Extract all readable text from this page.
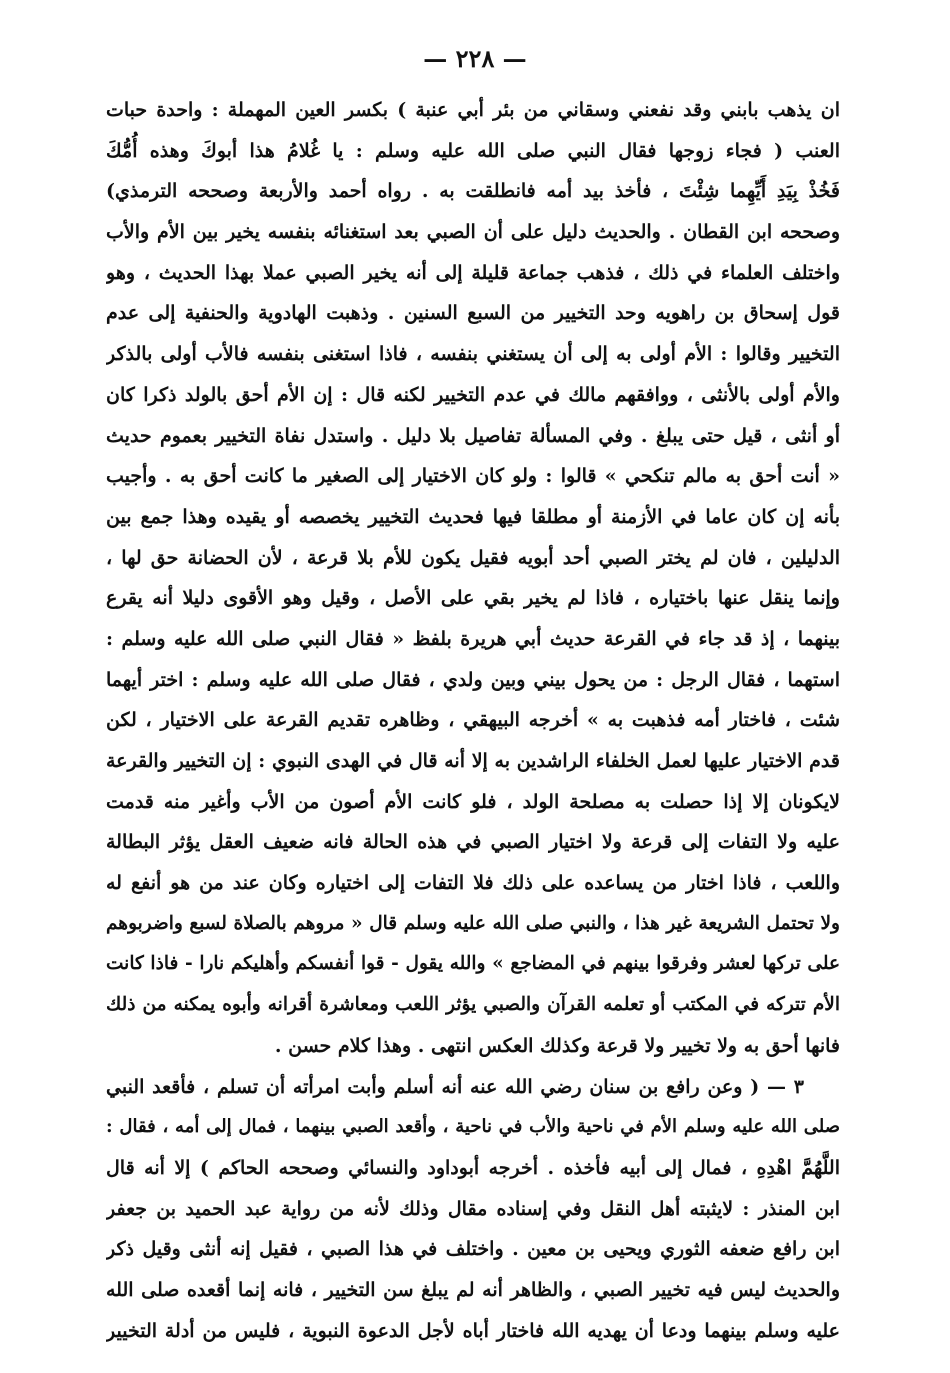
— ٢٢٨ —
ان يذهب بابني وقد نفعني وسقاني من بئر أبي عنبة ) بكسر العين المهملة : واحدة حبات
العنب ( فجاء زوجها فقال النبي صلى الله عليه وسلم : يا غُلامُ هذا أبوكَ وهذه أُمُّكَ
فَخُذْ بِيَدِ أَيِّهِما شِئْتَ ، فأخذ بيد أمه فانطلقت به . رواه أحمد والأربعة وصححه الترمذي)
وصححه ابن القطان . والحديث دليل على أن الصبي بعد استغنائه بنفسه يخير بين الأم والأب
واختلف العلماء في ذلك ، فذهب جماعة قليلة إلى أنه يخير الصبي عملا بهذا الحديث ، وهو
قول إسحاق بن راهويه وحد التخيير من السبع السنين . وذهبت الهادوية والحنفية إلى عدم
التخيير وقالوا : الأم أولى به إلى أن يستغني بنفسه ، فاذا استغنى بنفسه فالأب أولى بالذكر
والأم أولى بالأنثى ، ووافقهم مالك في عدم التخيير لكنه قال : إن الأم أحق بالولد ذكرا كان
أو أنثى ، قيل حتى يبلغ . وفي المسألة تفاصيل بلا دليل . واستدل نفاة التخيير بعموم حديث
« أنت أحق به مالم تنكحي » قالوا : ولو كان الاختيار إلى الصغير ما كانت أحق به . وأجيب
بأنه إن كان عاما في الأزمنة أو مطلقا فيها فحديث التخيير يخصصه أو يقيده وهذا جمع بين
الدليلين ، فان لم يختر الصبي أحد أبويه فقيل يكون للأم بلا قرعة ، لأن الحضانة حق لها ،
وإنما ينقل عنها باختياره ، فاذا لم يخير بقي على الأصل ، وقيل وهو الأقوى دليلا أنه يقرع
بينهما ، إذ قد جاء في القرعة حديث أبي هريرة بلفظ « فقال النبي صلى الله عليه وسلم :
استهما ، فقال الرجل : من يحول بيني وبين ولدي ، فقال صلى الله عليه وسلم : اختر أيهما
شئت ، فاختار أمه فذهبت به » أخرجه البيهقي ، وظاهره تقديم القرعة على الاختيار ، لكن
قدم الاختيار عليها لعمل الخلفاء الراشدين به إلا أنه قال في الهدى النبوي : إن التخيير والقرعة
لايكونان إلا إذا حصلت به مصلحة الولد ، فلو كانت الأم أصون من الأب وأغير منه قدمت
عليه ولا التفات إلى قرعة ولا اختيار الصبي في هذه الحالة فانه ضعيف العقل يؤثر البطالة
واللعب ، فاذا اختار من يساعده على ذلك فلا التفات إلى اختياره وكان عند من هو أنفع له
ولا تحتمل الشريعة غير هذا ، والنبي صلى الله عليه وسلم قال « مروهم بالصلاة لسبع واضربوهم
على تركها لعشر وفرقوا بينهم في المضاجع » والله يقول - قوا أنفسكم وأهليكم نارا - فاذا كانت
الأم تتركه في المكتب أو تعلمه القرآن والصبي يؤثر اللعب ومعاشرة أقرانه وأبوه يمكنه من ذلك
فانها أحق به ولا تخيير ولا قرعة وكذلك العكس انتهى . وهذا كلام حسن .
٣ — ( وعن رافع بن سنان رضي الله عنه أنه أسلم وأبت امرأته أن تسلم ، فأقعد النبي
صلى الله عليه وسلم الأم في ناحية والأب في ناحية ، وأقعد الصبي بينهما ، فمال إلى أمه ، فقال :
اللَّهُمَّ اهْدِهِ ، فمال إلى أبيه فأخذه . أخرجه أبوداود والنسائي وصححه الحاكم ) إلا أنه قال
ابن المنذر : لايثبته أهل النقل وفي إسناده مقال وذلك لأنه من رواية عبد الحميد بن جعفر
ابن رافع ضعفه الثوري ويحيى بن معين . واختلف في هذا الصبي ، فقيل إنه أنثى وقيل ذكر
والحديث ليس فيه تخيير الصبي ، والظاهر أنه لم يبلغ سن التخيير ، فانه إنما أقعده صلى الله
عليه وسلم بينهما ودعا أن يهديه الله فاختار أباه لأجل الدعوة النبوية ، فليس من أدلة التخيير
